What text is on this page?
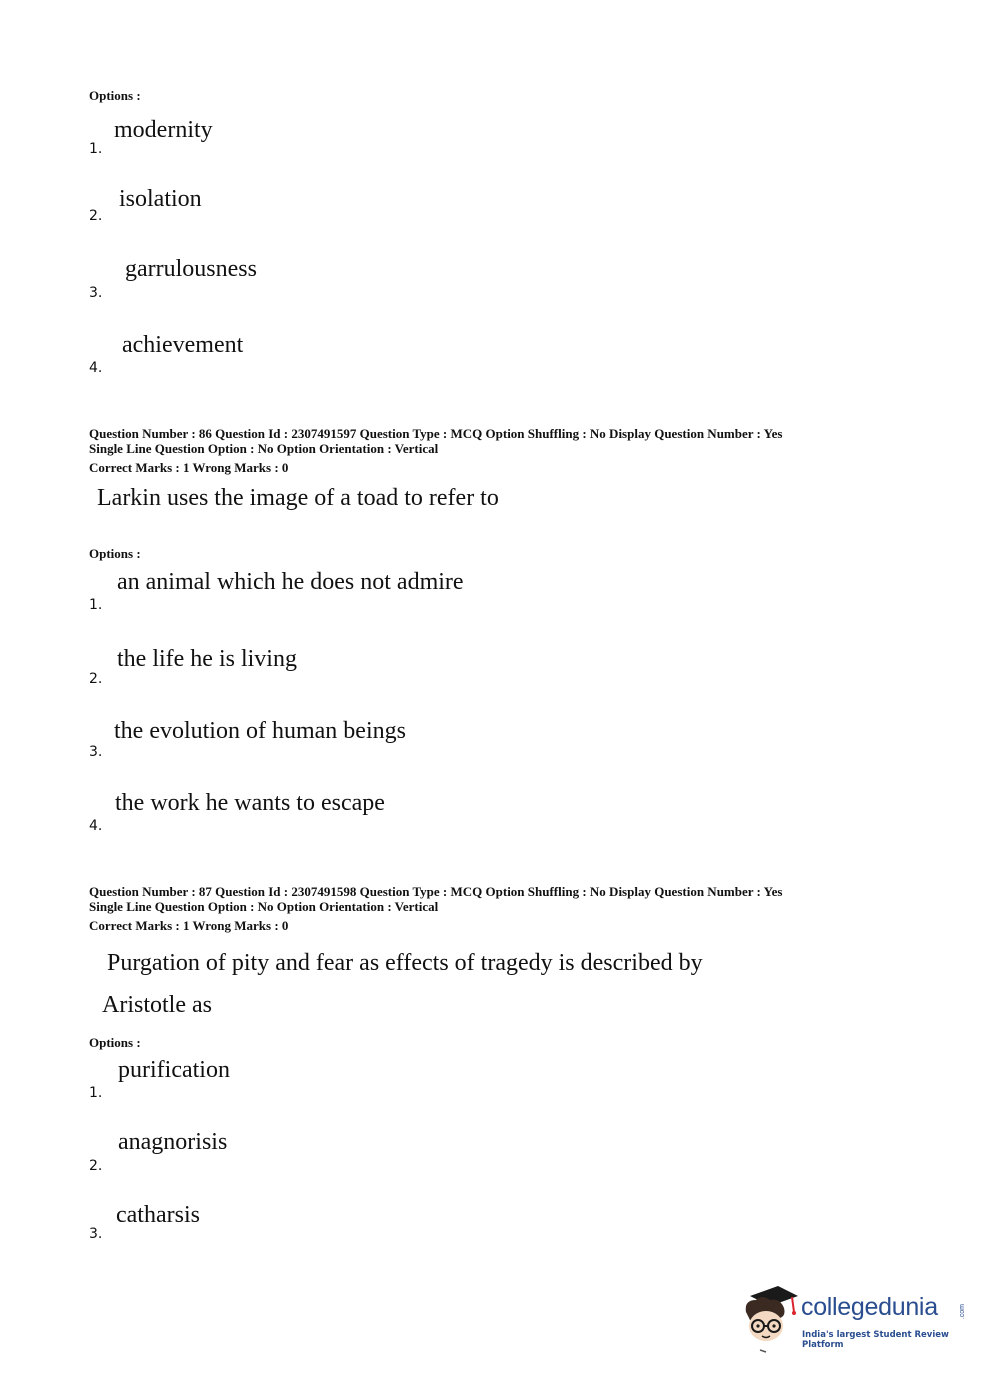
Options :
modernity
1.
isolation
2.
garrulousness
3.
achievement
4.
Question Number : 86 Question Id : 2307491597 Question Type : MCQ Option Shuffling : No Display Question Number : Yes
Single Line Question Option : No Option Orientation : Vertical
Correct Marks : 1 Wrong Marks : 0
Larkin uses the image of a toad to refer to
Options :
an animal which he does not admire
1.
the life he is living
2.
the evolution of human beings
3.
the work he wants to escape
4.
Question Number : 87 Question Id : 2307491598 Question Type : MCQ Option Shuffling : No Display Question Number : Yes
Single Line Question Option : No Option Orientation : Vertical
Correct Marks : 1 Wrong Marks : 0
Purgation of pity and fear as effects of tragedy is described by
Aristotle as
Options :
purification
1.
anagnorisis
2.
catharsis
3.
collegedunia	.com
India's largest Student Review Platform
